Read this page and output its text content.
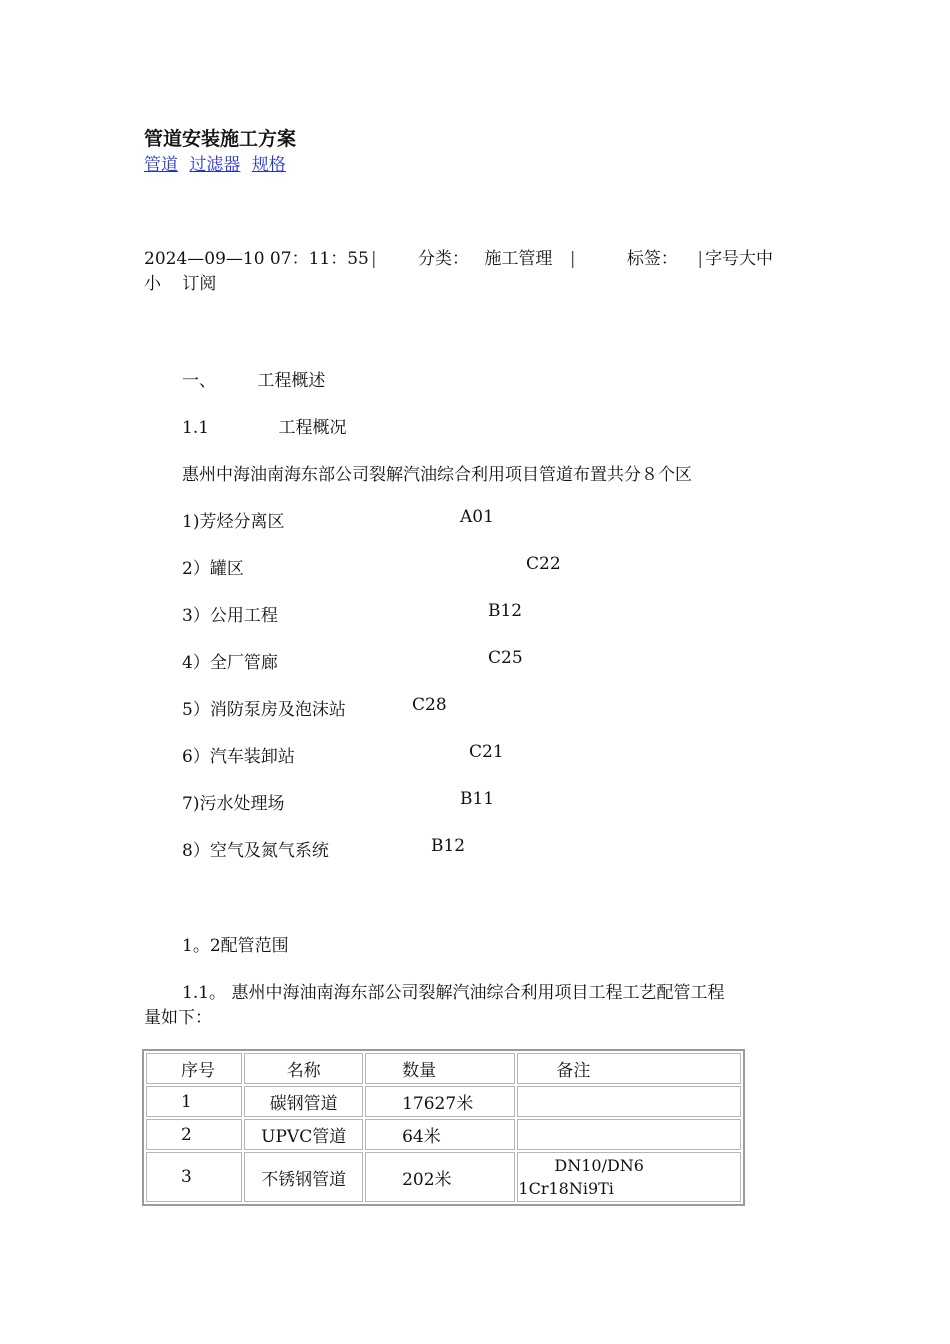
管道安装施工方案
管道 过滤器 规格
2024—09—10 07：11：55 | 分类： 施工管理 |	标签： | 字号大中
小 订阅
一、 工程概述
1.1	工程概况
惠州中海油南海东部公司裂解汽油综合利用项目管道布置共分８个区
1)芳烃分离区	A01
2）罐区	C22
3）公用工程	B12
4）全厂管廊	C25
5）消防泵房及泡沫站	C28
6）汽车装卸站	C21
7)污水处理场	B11
8）空气及氮气系统	B12
1。2配管范围
1.1。 惠州中海油南海东部公司裂解汽油综合利用项目工程工艺配管工程
量如下：
序号	名称	数量	备注
1	碳钢管道	17627米	
2	UPVC管道	64米	
3	不锈钢管道	202米	DN10/DN6
1Cr18Ni9Ti
